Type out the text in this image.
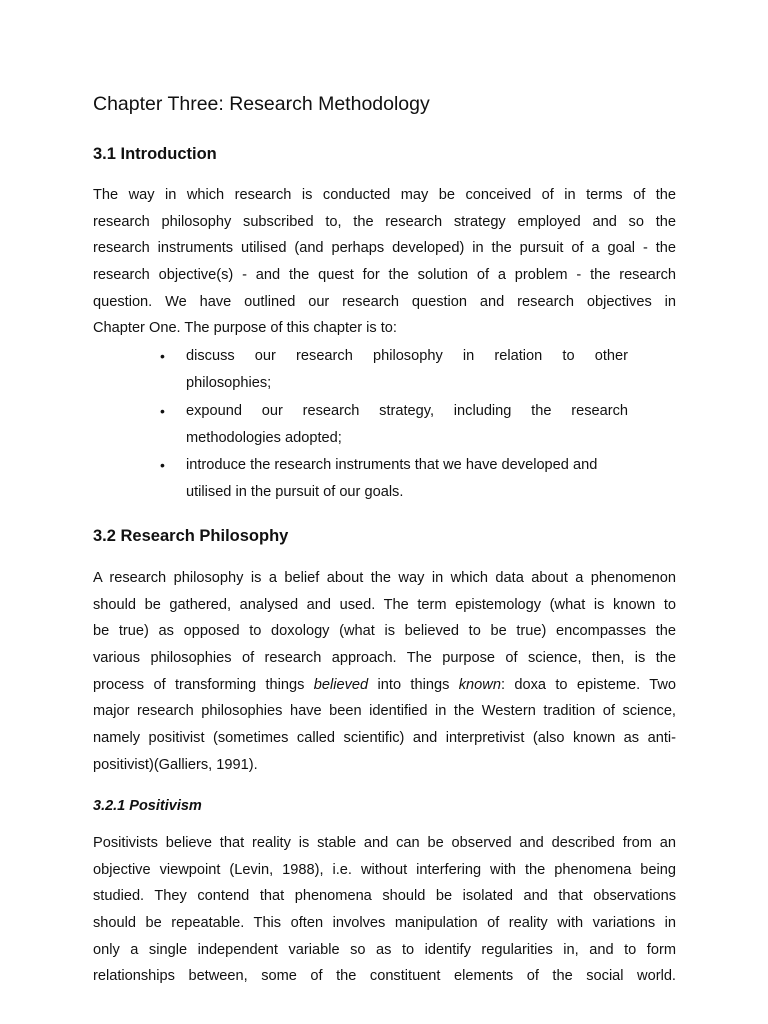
Chapter Three: Research Methodology
3.1 Introduction
The way in which research is conducted may be conceived of in terms of the
research philosophy subscribed to, the research strategy employed and so the
research instruments utilised (and perhaps developed) in the pursuit of a goal - the
research objective(s) - and the quest for the solution of a problem - the research
question. We have outlined our research question and research objectives in
Chapter One. The purpose of this chapter is to:
•	discuss our research philosophy in relation to other
philosophies;
•	expound our research strategy, including the research
methodologies adopted;
•	introduce the research instruments that we have developed and
utilised in the pursuit of our goals.
3.2 Research Philosophy
A research philosophy is a belief about the way in which data about a phenomenon
should be gathered, analysed and used. The term epistemology (what is known to
be true) as opposed to doxology (what is believed to be true) encompasses the
various philosophies of research approach. The purpose of science, then, is the
process of transforming things believed into things known: doxa to episteme. Two
major research philosophies have been identified in the Western tradition of science,
namely positivist (sometimes called scientific) and interpretivist (also known as anti-
positivist)(Galliers, 1991).
3.2.1 Positivism
Positivists believe that reality is stable and can be observed and described from an
objective viewpoint (Levin, 1988), i.e. without interfering with the phenomena being
studied. They contend that phenomena should be isolated and that observations
should be repeatable. This often involves manipulation of reality with variations in
only a single independent variable so as to identify regularities in, and to form
relationships between, some of the constituent elements of the social world.
